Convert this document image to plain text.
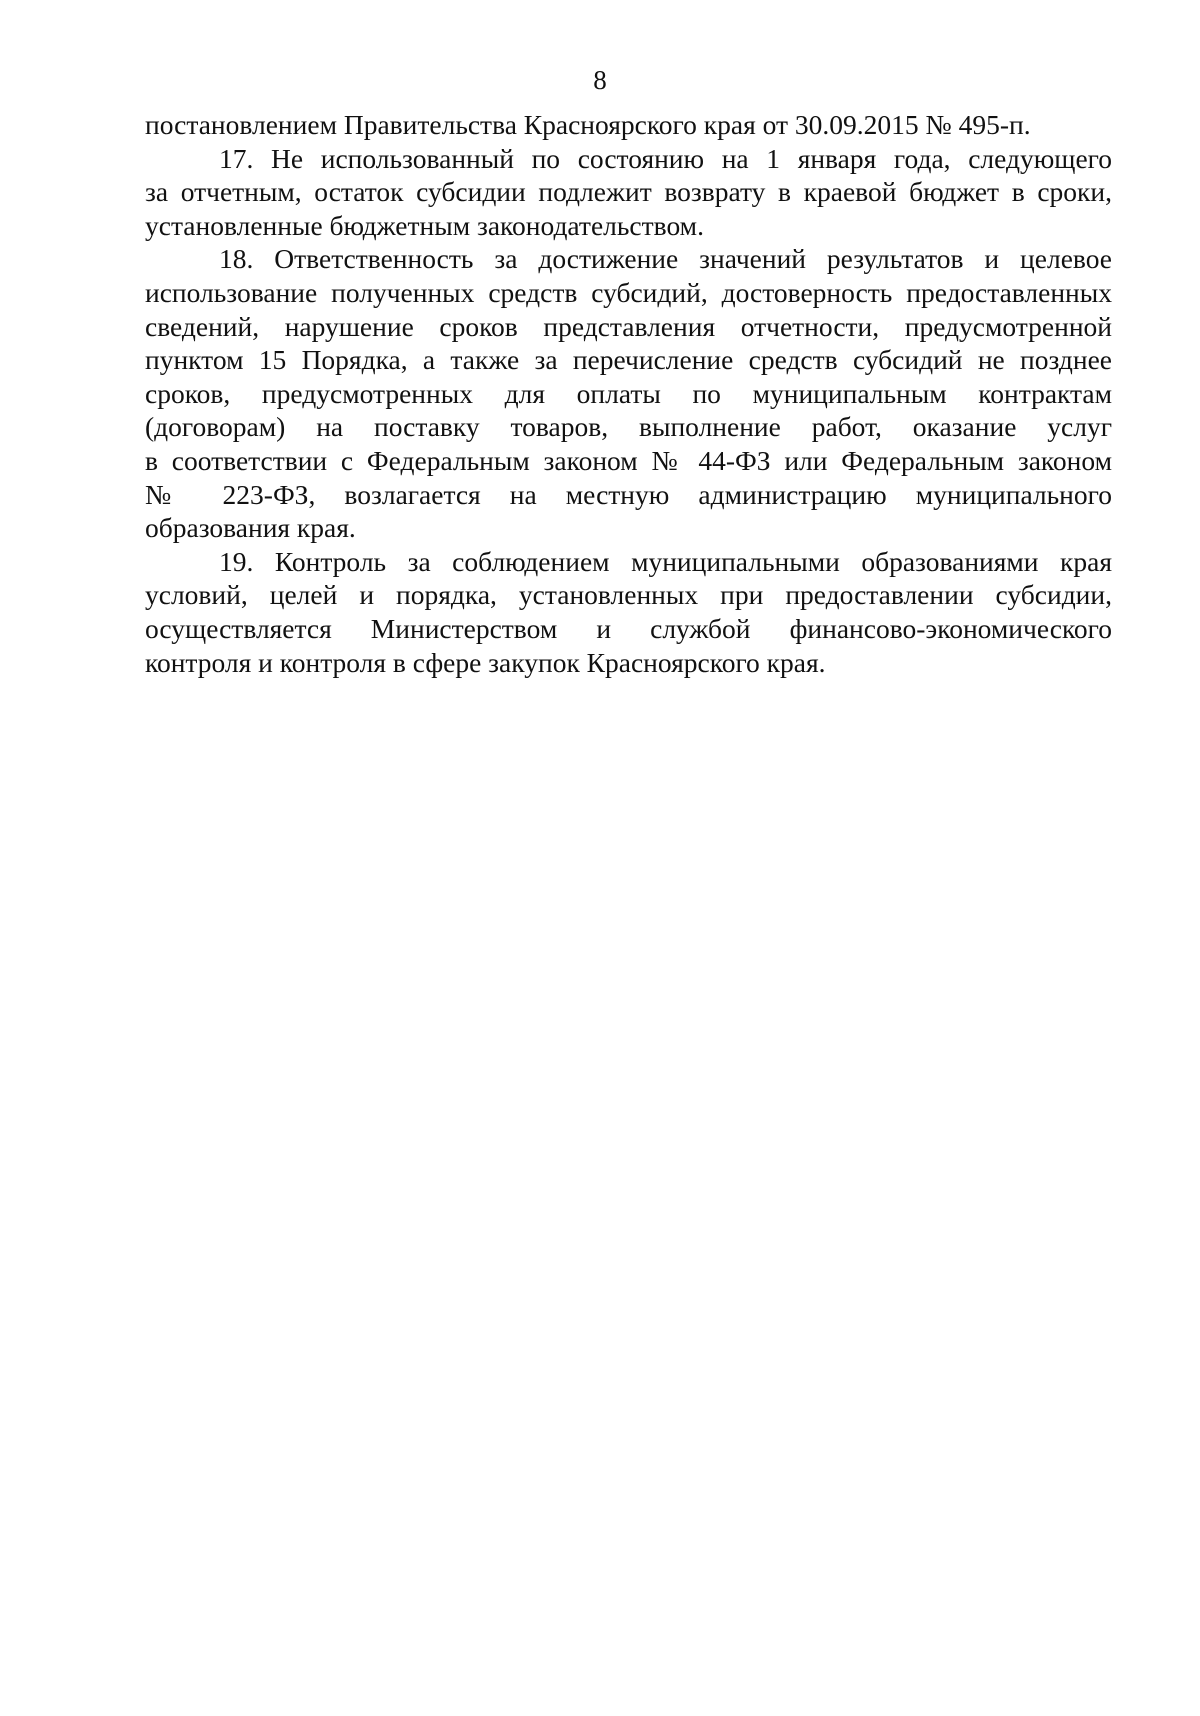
8
постановлением Правительства Красноярского края от 30.09.2015 № 495-п.
17. Не использованный по состоянию на 1 января года, следующего
за отчетным, остаток субсидии подлежит возврату в краевой бюджет в сроки,
установленные бюджетным законодательством.
18. Ответственность за достижение значений результатов и целевое
использование полученных средств субсидий, достоверность предоставленных
сведений, нарушение сроков представления отчетности, предусмотренной
пунктом 15 Порядка, а также за перечисление средств субсидий не позднее
сроков, предусмотренных для оплаты по муниципальным контрактам
(договорам) на поставку товаров, выполнение работ, оказание услуг
в соответствии с Федеральным законом № 44-ФЗ или Федеральным законом
№ 223-ФЗ, возлагается на местную администрацию муниципального
образования края.
19. Контроль за соблюдением муниципальными образованиями края
условий, целей и порядка, установленных при предоставлении субсидии,
осуществляется Министерством и службой финансово-экономического
контроля и контроля в сфере закупок Красноярского края.
